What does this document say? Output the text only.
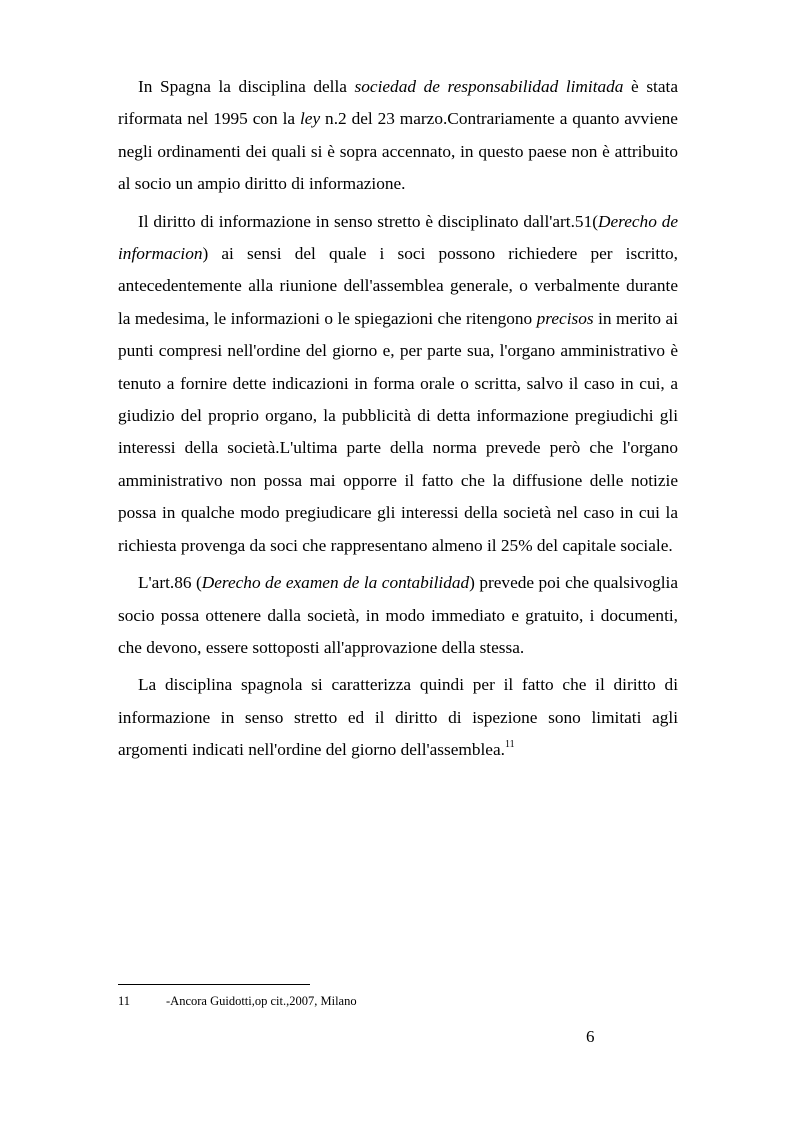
In Spagna la disciplina della sociedad de responsabilidad limitada è stata riformata nel 1995 con la ley n.2 del 23 marzo.Contrariamente a quanto avviene negli ordinamenti dei quali si è sopra accennato, in questo paese non è attribuito al socio un ampio diritto di informazione.

Il diritto di informazione in senso stretto è disciplinato dall'art.51(Derecho de informacion) ai sensi del quale i soci possono richiedere per iscritto, antecedentemente alla riunione dell'assemblea generale, o verbalmente durante la medesima, le informazioni o le spiegazioni che ritengono precisos in merito ai punti compresi nell'ordine del giorno e, per parte sua, l'organo amministrativo è tenuto a fornire dette indicazioni in forma orale o scritta, salvo il caso in cui, a giudizio del proprio organo, la pubblicità di detta informazione pregiudichi gli interessi della società.L'ultima parte della norma prevede però che l'organo amministrativo non possa mai opporre il fatto che la diffusione delle notizie possa in qualche modo pregiudicare gli interessi della società nel caso in cui la richiesta provenga da soci che rappresentano almeno il 25% del capitale sociale.

L'art.86 (Derecho de examen de la contabilidad) prevede poi che qualsivoglia socio possa ottenere dalla società, in modo immediato e gratuito, i documenti, che devono, essere sottoposti all'approvazione della stessa.

La disciplina spagnola si caratterizza quindi per il fatto che il diritto di informazione in senso stretto ed il diritto di ispezione sono limitati agli argomenti indicati nell'ordine del giorno dell'assemblea.$^{11}$

11	-Ancora Guidotti,op cit.,2007, Milano
6
